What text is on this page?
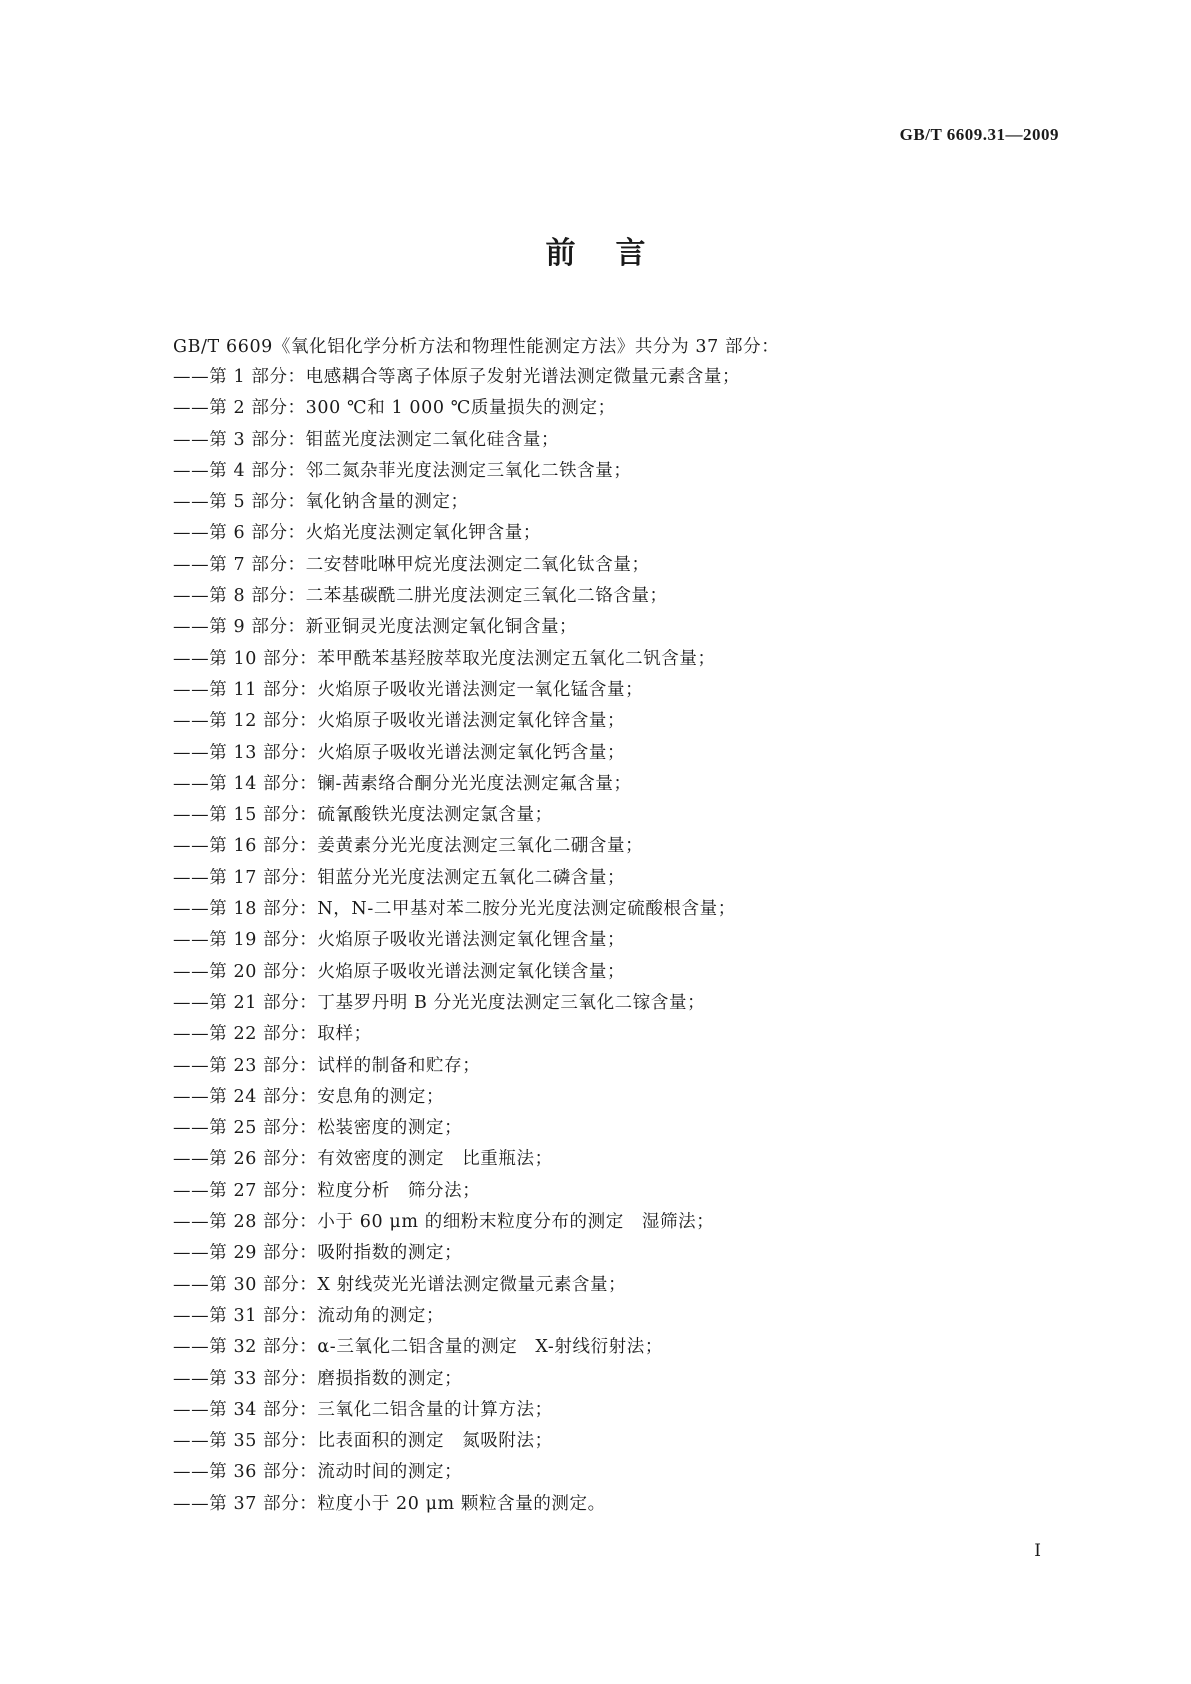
GB/T 6609.31—2009
前言
GB/T 6609《氧化铝化学分析方法和物理性能测定方法》共分为 37 部分：
——第 1 部分：电感耦合等离子体原子发射光谱法测定微量元素含量；
——第 2 部分：300 ℃和 1 000 ℃质量损失的测定；
——第 3 部分：钼蓝光度法测定二氧化硅含量；
——第 4 部分：邻二氮杂菲光度法测定三氧化二铁含量；
——第 5 部分：氧化钠含量的测定；
——第 6 部分：火焰光度法测定氧化钾含量；
——第 7 部分：二安替吡啉甲烷光度法测定二氧化钛含量；
——第 8 部分：二苯基碳酰二肼光度法测定三氧化二铬含量；
——第 9 部分：新亚铜灵光度法测定氧化铜含量；
——第 10 部分：苯甲酰苯基羟胺萃取光度法测定五氧化二钒含量；
——第 11 部分：火焰原子吸收光谱法测定一氧化锰含量；
——第 12 部分：火焰原子吸收光谱法测定氧化锌含量；
——第 13 部分：火焰原子吸收光谱法测定氧化钙含量；
——第 14 部分：镧-茜素络合酮分光光度法测定氟含量；
——第 15 部分：硫氰酸铁光度法测定氯含量；
——第 16 部分：姜黄素分光光度法测定三氧化二硼含量；
——第 17 部分：钼蓝分光光度法测定五氧化二磷含量；
——第 18 部分：N，N-二甲基对苯二胺分光光度法测定硫酸根含量；
——第 19 部分：火焰原子吸收光谱法测定氧化锂含量；
——第 20 部分：火焰原子吸收光谱法测定氧化镁含量；
——第 21 部分：丁基罗丹明 B 分光光度法测定三氧化二镓含量；
——第 22 部分：取样；
——第 23 部分：试样的制备和贮存；
——第 24 部分：安息角的测定；
——第 25 部分：松装密度的测定；
——第 26 部分：有效密度的测定　比重瓶法；
——第 27 部分：粒度分析　筛分法；
——第 28 部分：小于 60 μm 的细粉末粒度分布的测定　湿筛法；
——第 29 部分：吸附指数的测定；
——第 30 部分：X 射线荧光光谱法测定微量元素含量；
——第 31 部分：流动角的测定；
——第 32 部分：α-三氧化二铝含量的测定　X-射线衍射法；
——第 33 部分：磨损指数的测定；
——第 34 部分：三氧化二铝含量的计算方法；
——第 35 部分：比表面积的测定　氮吸附法；
——第 36 部分：流动时间的测定；
——第 37 部分：粒度小于 20 μm 颗粒含量的测定。
Ⅰ
